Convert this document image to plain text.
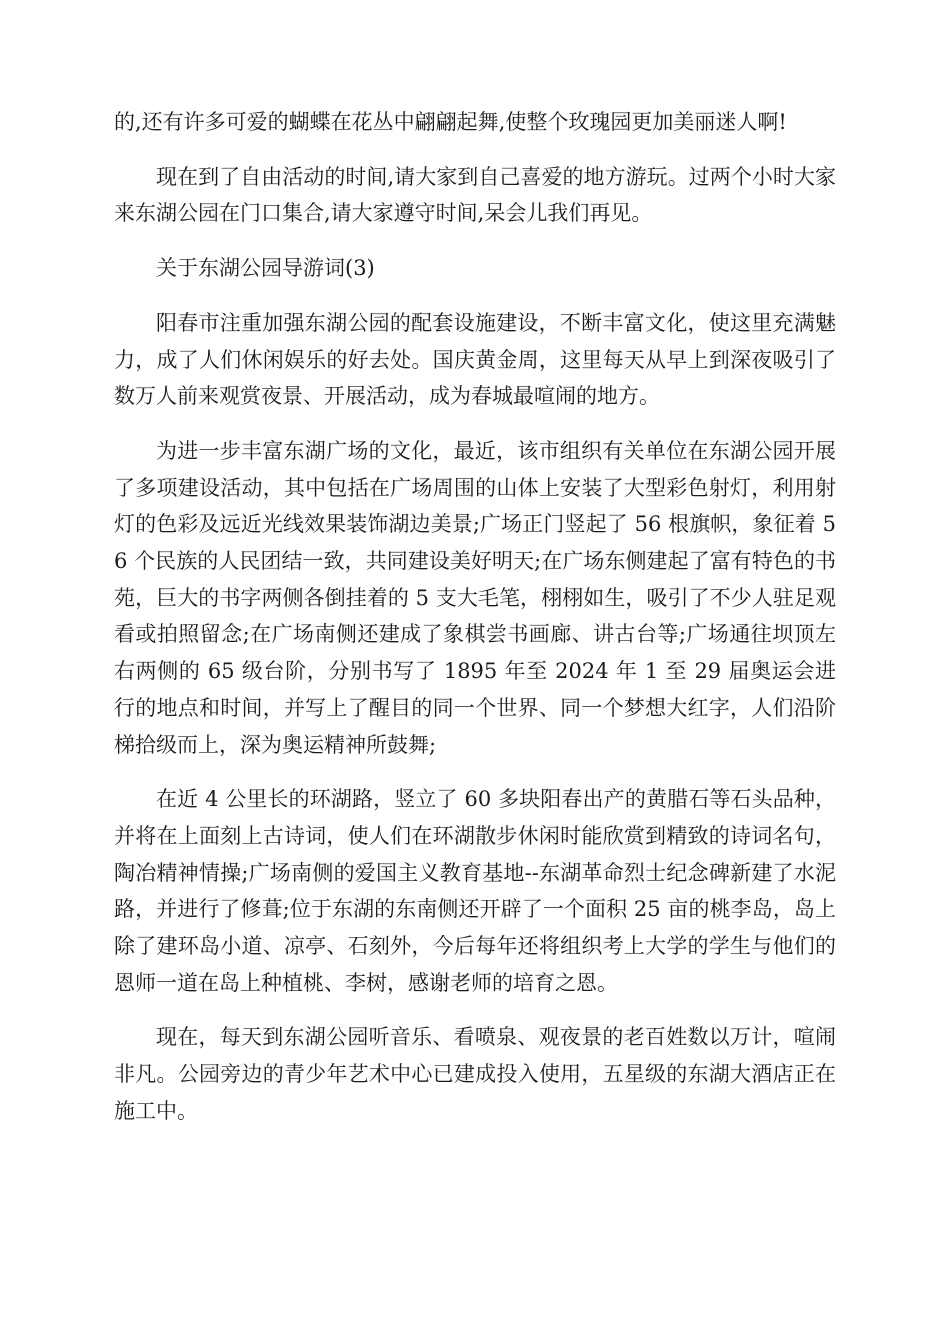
的,还有许多可爱的蝴蝶在花丛中翩翩起舞,使整个玫瑰园更加美丽迷人啊!

现在到了自由活动的时间,请大家到自己喜爱的地方游玩。过两个小时大家来东湖公园在门口集合,请大家遵守时间,呆会儿我们再见。

关于东湖公园导游词(3)

阳春市注重加强东湖公园的配套设施建设，不断丰富文化，使这里充满魅力，成了人们休闲娱乐的好去处。国庆黄金周，这里每天从早上到深夜吸引了数万人前来观赏夜景、开展活动，成为春城最喧闹的地方。

为进一步丰富东湖广场的文化，最近，该市组织有关单位在东湖公园开展了多项建设活动，其中包括在广场周围的山体上安装了大型彩色射灯，利用射灯的色彩及远近光线效果装饰湖边美景;广场正门竖起了 56 根旗帜，象征着 56 个民族的人民团结一致，共同建设美好明天;在广场东侧建起了富有特色的书苑，巨大的书字两侧各倒挂着的 5 支大毛笔，栩栩如生，吸引了不少人驻足观看或拍照留念;在广场南侧还建成了象棋尝书画廊、讲古台等;广场通往坝顶左右两侧的 65 级台阶，分别书写了 1895 年至 2024 年 1 至 29 届奥运会进行的地点和时间，并写上了醒目的同一个世界、同一个梦想大红字，人们沿阶梯拾级而上，深为奥运精神所鼓舞;

在近 4 公里长的环湖路，竖立了 60 多块阳春出产的黄腊石等石头品种，并将在上面刻上古诗词，使人们在环湖散步休闲时能欣赏到精致的诗词名句，陶冶精神情操;广场南侧的爱国主义教育基地--东湖革命烈士纪念碑新建了水泥路，并进行了修葺;位于东湖的东南侧还开辟了一个面积 25 亩的桃李岛，岛上除了建环岛小道、凉亭、石刻外，今后每年还将组织考上大学的学生与他们的恩师一道在岛上种植桃、李树，感谢老师的培育之恩。

现在，每天到东湖公园听音乐、看喷泉、观夜景的老百姓数以万计，喧闹非凡。公园旁边的青少年艺术中心已建成投入使用，五星级的东湖大酒店正在施工中。
